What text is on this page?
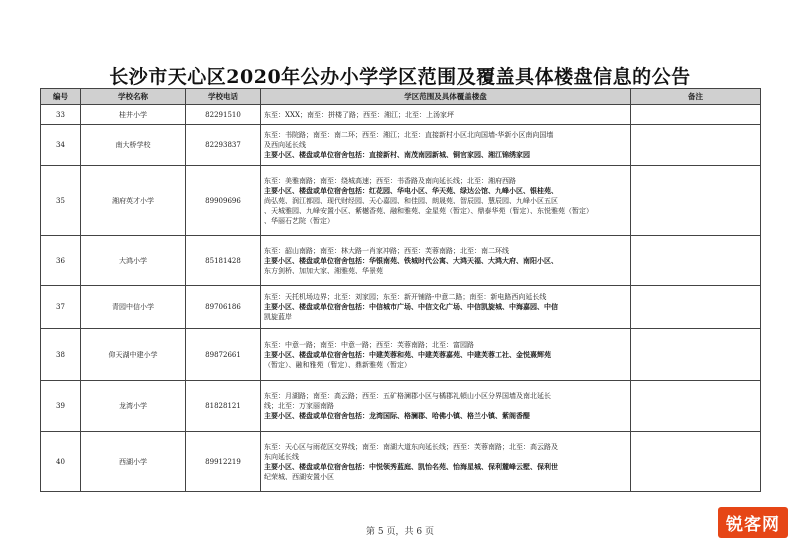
长沙市天心区2020年公办小学学区范围及覆盖具体楼盘信息的公告
编号	学校名称	学校电话	学区范围及具体覆盖楼盘	备注
33	桂井小学	82291510	东至：XXX；南至：拼楼了路；西至：湘江；北至：上汤家坪	

34	南大桥学校	82293837	东至：书院路；南至：南二环；西至：湘江；北至：直接新村小区北向国墙-华新小区南向国墙
及西向延长线
主要小区、楼盘或单位宿舍包括：直接新村、南茂南园新城、铜官家园、湘江锦绣家园	

35	湘府英才小学	89909696	东至：美雅南路；南至：绕城高速；西至：书香路及南向延长线；北至：湘府西路
主要小区、楼盘或单位宿舍包括：红花园、华电小区、华天苑、绿达公馆、九峰小区、银桂苑、
尚弘苑、润江都园、现代财经园、天心嘉园、和佳园、朗晟苑、智辰园、慧辰园、九峰小区五区
、天城雅园、九峰安置小区、紫樾香苑、融和雅苑、金星苑（暂定）、鼎泰华苑（暂定）、东悦雅苑（暂定）
、华丽石艺院（暂定）	

36	大鸿小学	85181428	东至：韶山南路；南至：林大路一肖家冲路；西至：芙蓉南路；北至：南二环线
主要小区、楼盘或单位宿舍包括：华银南苑、铁城时代公寓、大鸿天福、大鸿大府、南阳小区、
东方剑桥、加加大家、湘雅苑、华景苑	

37	青园中信小学	89706186	东至：天托机场边界；北至：刘家园；东至：新开铺路-中意二路；南至：新电路西向延长线
主要小区、楼盘或单位宿舍包括：中信城市广场、中信文化广场、中信凯旋城、中海嘉园、中信
凯旋蓝岸	

38	仰天湖中建小学	89872661	东至：中意一路；南至：中意一路；西至：芙蓉南路；北至：富园路
主要小区、楼盘或单位宿舍包括：中建芙蓉和苑、中建芙蓉嘉苑、中建芙蓉工社、金悦熹辉苑
（暂定）、融和雅苑（暂定）、鼎新雅苑（暂定）	

39	龙湾小学	81828121	东至：月湖路；南至：高云路；西至：五矿格澜郡小区与橘郡礼頓山小区分界国墙及南北延长
线；北至：万家丽南路
主要小区、楼盘或单位宿舍包括：龙湾国际、格澜郡、哈佛小镇、格兰小镇、紫阁香醍	

40	西湖小学	89912219	东至：天心区与雨花区交界线；南至：南湖大道东向延长线；西至：芙蓉南路；北至：高云路及
东向延长线
主要小区、楼盘或单位宿舍包括：中悦领秀蓝庭、凯怡名苑、怡海星城、保利麓峰云墅、保利世
纪荣城、西湖安置小区	

第 5 页，共 6 页	锐客网
